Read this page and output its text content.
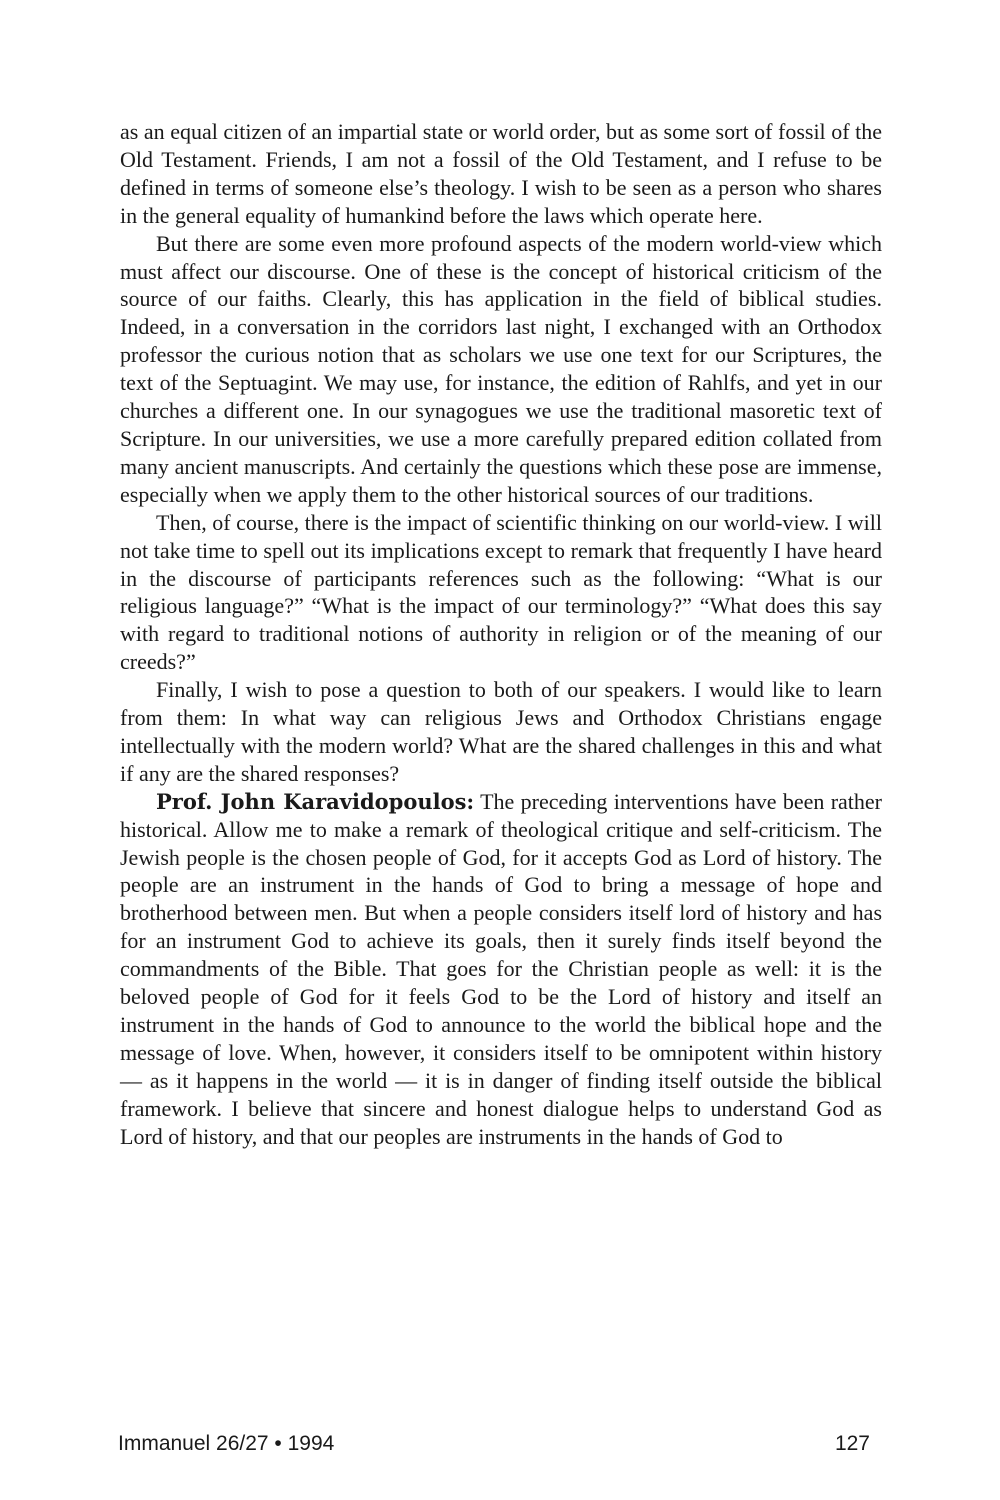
as an equal citizen of an impartial state or world order, but as some sort of fossil of the Old Testament. Friends, I am not a fossil of the Old Testament, and I refuse to be defined in terms of someone else’s theology. I wish to be seen as a person who shares in the general equality of humankind before the laws which operate here.

But there are some even more profound aspects of the modern world-view which must affect our discourse. One of these is the concept of historical criticism of the source of our faiths. Clearly, this has application in the field of biblical studies. Indeed, in a conversation in the corridors last night, I exchanged with an Orthodox professor the curious notion that as scholars we use one text for our Scriptures, the text of the Septuagint. We may use, for instance, the edition of Rahlfs, and yet in our churches a different one. In our synagogues we use the traditional masoretic text of Scripture. In our universities, we use a more carefully prepared edition collated from many ancient manuscripts. And certainly the questions which these pose are immense, especially when we apply them to the other historical sources of our traditions.

Then, of course, there is the impact of scientific thinking on our world-view. I will not take time to spell out its implications except to remark that frequently I have heard in the discourse of participants references such as the following: “What is our religious language?” “What is the impact of our terminology?” “What does this say with regard to traditional notions of authority in religion or of the meaning of our creeds?”

Finally, I wish to pose a question to both of our speakers. I would like to learn from them: In what way can religious Jews and Orthodox Christians engage intellectually with the modern world? What are the shared challenges in this and what if any are the shared responses?

Prof. John Karavidopoulos: The preceding interventions have been rather historical. Allow me to make a remark of theological critique and self-criticism. The Jewish people is the chosen people of God, for it accepts God as Lord of history. The people are an instrument in the hands of God to bring a message of hope and brotherhood between men. But when a people considers itself lord of history and has for an instrument God to achieve its goals, then it surely finds itself beyond the commandments of the Bible. That goes for the Christian people as well: it is the beloved people of God for it feels God to be the Lord of history and itself an instrument in the hands of God to announce to the world the biblical hope and the message of love. When, however, it considers itself to be omnipotent within history — as it happens in the world — it is in danger of finding itself outside the biblical framework. I believe that sincere and honest dialogue helps to understand God as Lord of history, and that our peoples are instruments in the hands of God to

Immanuel 26/27 • 1994	127
